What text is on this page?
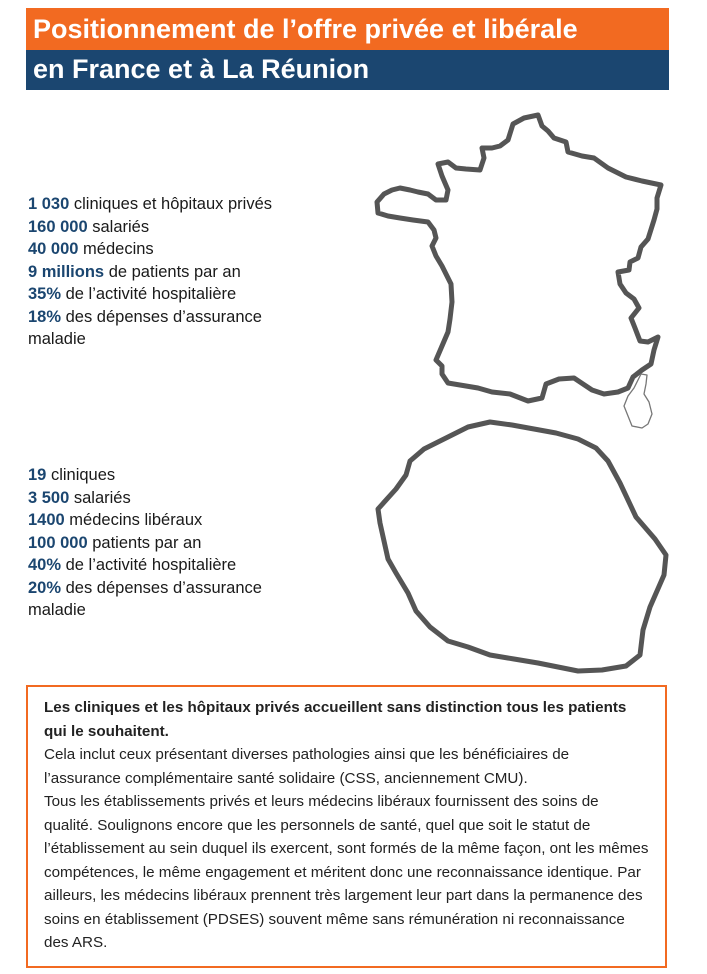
Positionnement de l’offre privée et libérale
en France et à La Réunion
1 030 cliniques et hôpitaux privés
160 000 salariés
40 000 médecins
9 millions de patients par an
35% de l’activité hospitalière
18% des dépenses d’assurance
maladie
19 cliniques
3 500 salariés
1400 médecins libéraux
100 000 patients par an
40% de l’activité hospitalière
20% des dépenses d’assurance
maladie

Les cliniques et les hôpitaux privés accueillent sans distinction tous les patients qui le souhaitent.

Cela inclut ceux présentant diverses pathologies ainsi que les bénéficiaires de l’assurance complémentaire santé solidaire (CSS, anciennement CMU).

Tous les établissements privés et leurs médecins libéraux fournissent des soins de qualité. Soulignons encore que les personnels de santé, quel que soit le statut de l’établissement au sein duquel ils exercent, sont formés de la même façon, ont les mêmes compétences, le même engagement et méritent donc une reconnaissance identique. Par ailleurs, les médecins libéraux prennent très largement leur part dans la permanence des soins en établissement (PDSES) souvent même sans rémunération ni reconnaissance des ARS.
